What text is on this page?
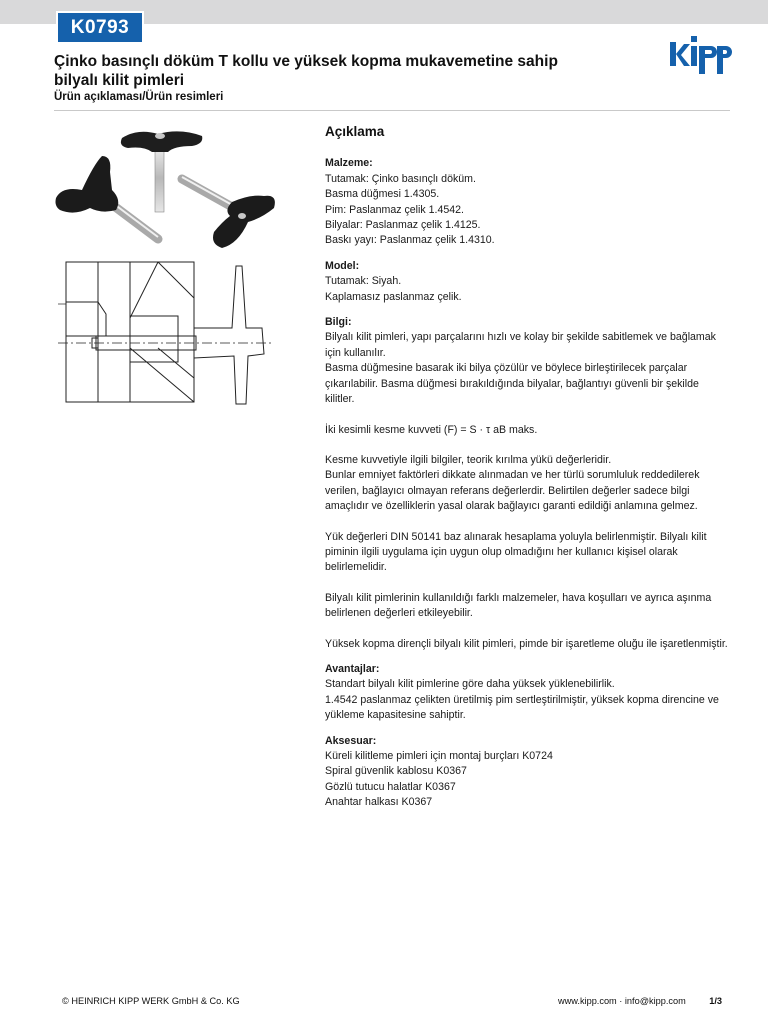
K0793
Çinko basınçlı döküm T kollu ve yüksek kopma mukavemetine sahip
bilyalı kilit pimleri
Ürün açıklaması/Ürün resimleri
Açıklama
Malzeme:

Tutamak: Çinko basınçlı döküm.

Basma düğmesi 1.4305.

Pim: Paslanmaz çelik 1.4542.

Bilyalar: Paslanmaz çelik 1.4125.

Baskı yayı: Paslanmaz çelik 1.4310.

Model:

Tutamak: Siyah.

Kaplamasız paslanmaz çelik.

Bilgi:

Bilyalı kilit pimleri, yapı parçalarını hızlı ve kolay bir şekilde sabitlemek ve bağlamak için kullanılır.

Basma düğmesine basarak iki bilya çözülür ve böylece birleştirilecek parçalar çıkarılabilir. Basma düğmesi bırakıldığında bilyalar, bağlantıyı güvenli bir şekilde kilitler.

İki kesimli kesme kuvveti (F) = S · τ aB maks.

Kesme kuvvetiyle ilgili bilgiler, teorik kırılma yükü değerleridir.

Bunlar emniyet faktörleri dikkate alınmadan ve her türlü sorumluluk reddedilerek verilen, bağlayıcı olmayan referans değerlerdir. Belirtilen değerler sadece bilgi amaçlıdır ve özelliklerin yasal olarak bağlayıcı garanti edildiği anlamına gelmez.

Yük değerleri DIN 50141 baz alınarak hesaplama yoluyla belirlenmiştir. Bilyalı kilit piminin ilgili uygulama için uygun olup olmadığını her kullanıcı kişisel olarak belirlemelidir.

Bilyalı kilit pimlerinin kullanıldığı farklı malzemeler, hava koşulları ve ayrıca aşınma belirlenen değerleri etkileyebilir.

Yüksek kopma dirençli bilyalı kilit pimleri, pimde bir işaretleme oluğu ile işaretlenmiştir.

Avantajlar:

Standart bilyalı kilit pimlerine göre daha yüksek yüklenebilirlik.

1.4542 paslanmaz çelikten üretilmiş pim sertleştirilmiştir, yüksek kopma direncine ve yükleme kapasitesine sahiptir.

Aksesuar:

Küreli kilitleme pimleri için montaj burçları K0724

Spiral güvenlik kablosu K0367

Gözlü tutucu halatlar K0367

Anahtar halkası K0367

© HEINRICH KIPP WERK GmbH & Co. KG	www.kipp.com · info@kipp.com	1/3
